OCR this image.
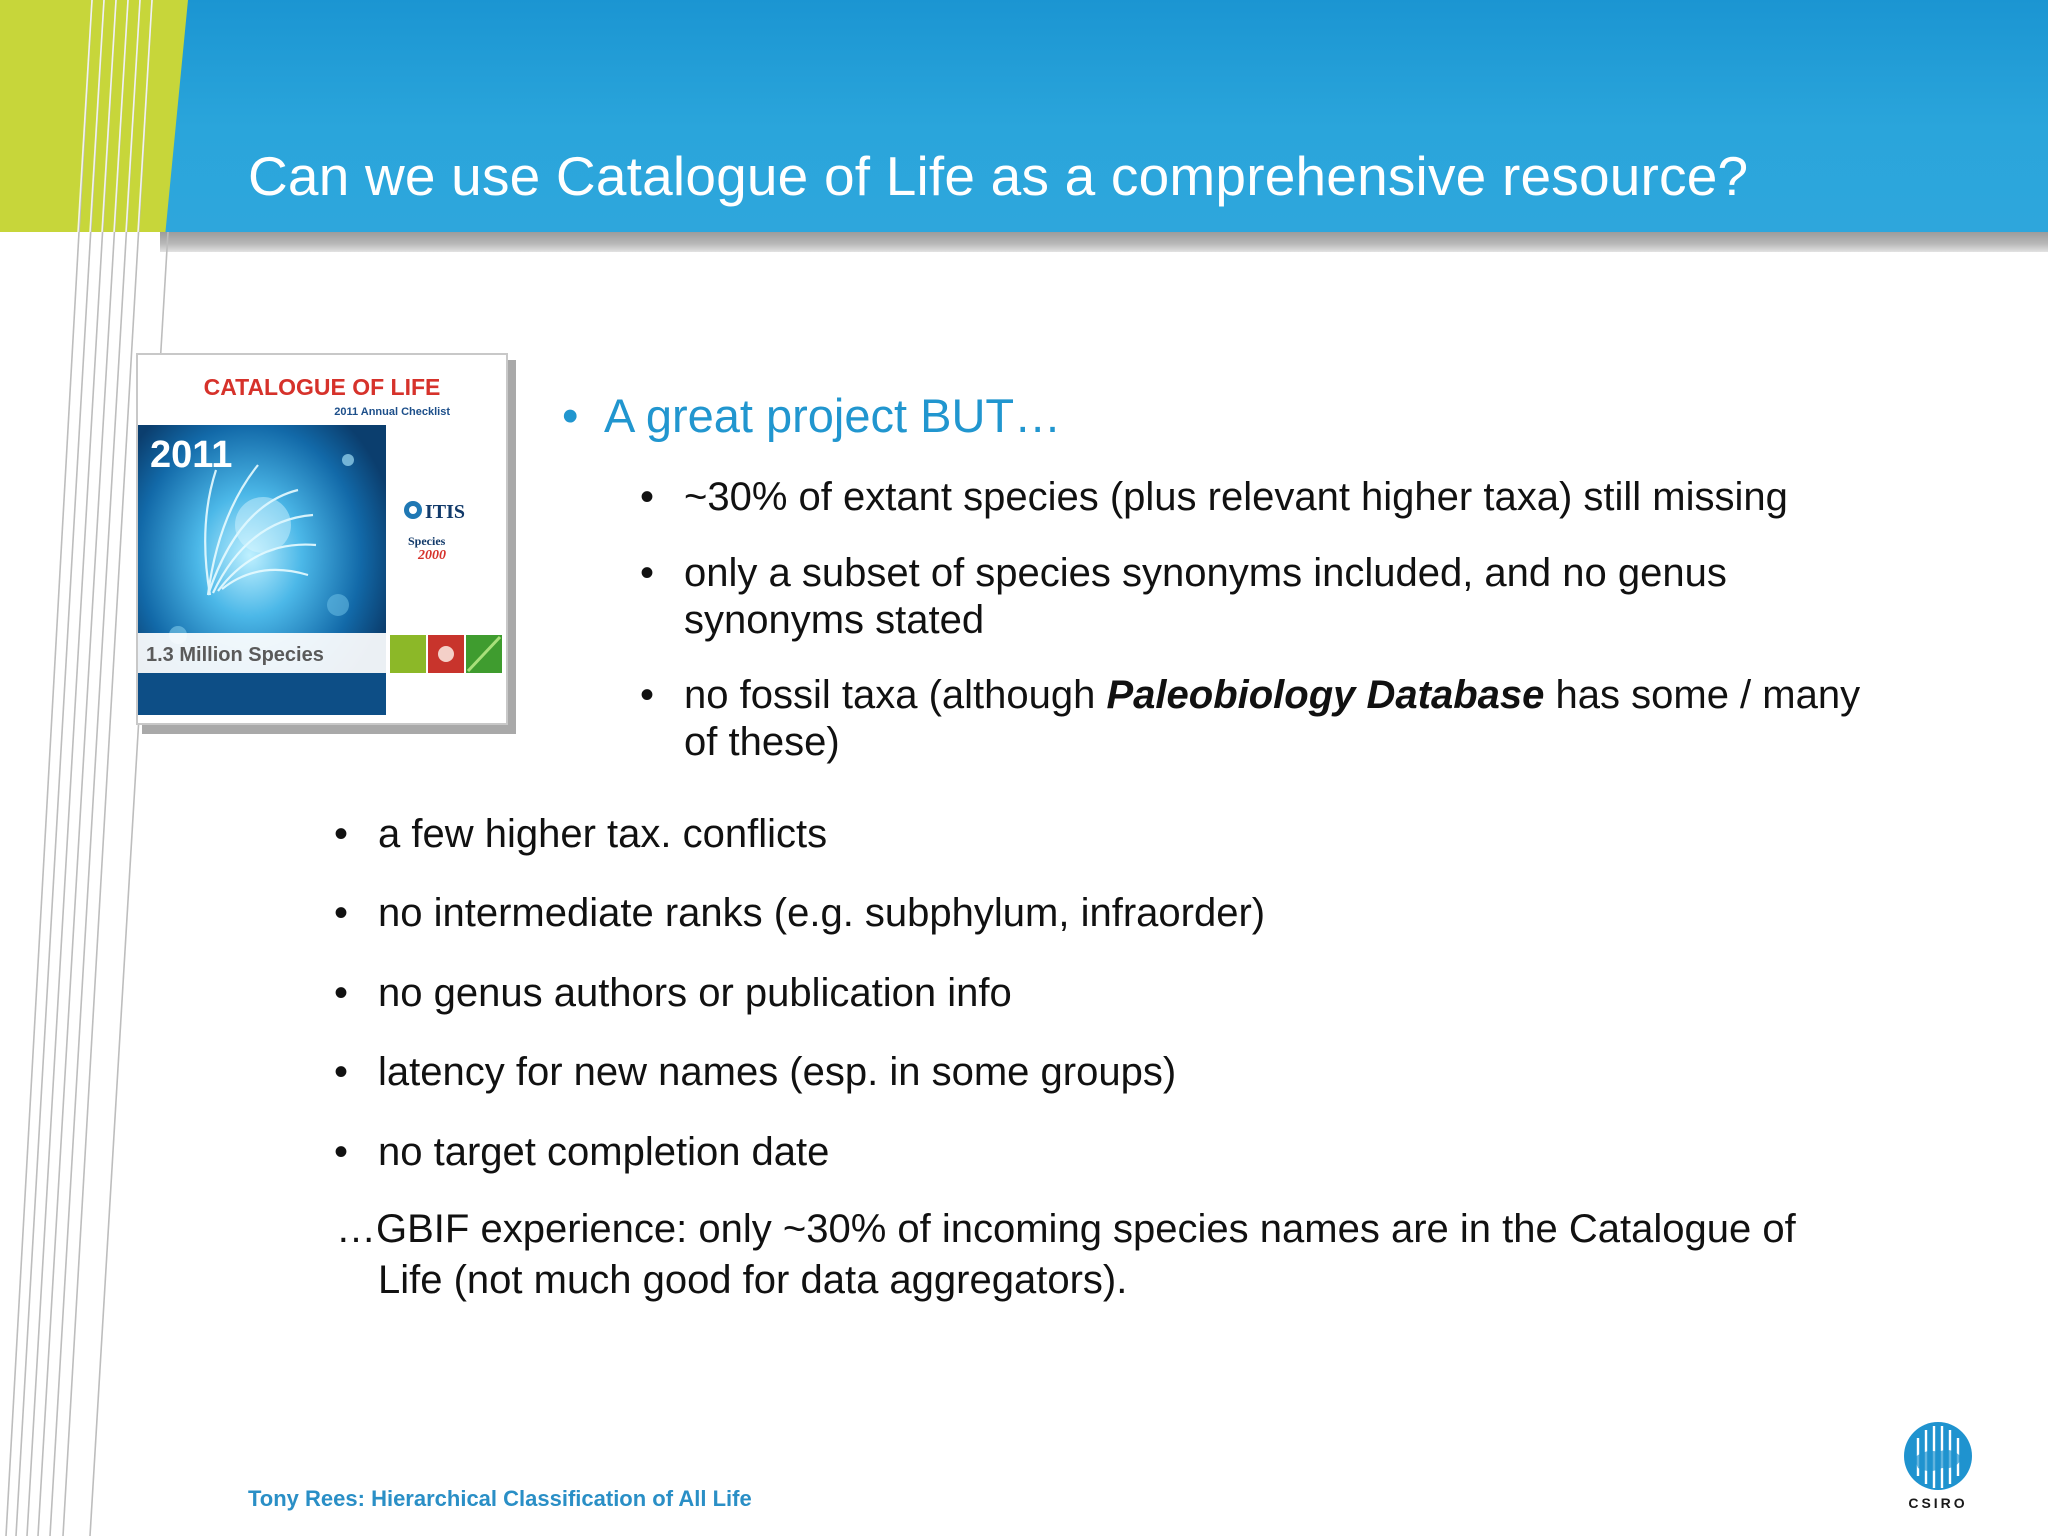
Can we use Catalogue of Life as a comprehensive resource?
CATALOGUE OF LIFE
2011 Annual Checklist
2011
ITIS
Species
2000
1.3 Million Species

• A great project BUT…

• ~30% of extant species (plus relevant higher taxa) still missing
• only a subset of species synonyms included, and no genus synonyms stated
• no fossil taxa (although Paleobiology Database has some / many of these)
• a few higher tax. conflicts
• no intermediate ranks (e.g. subphylum, infraorder)
• no genus authors or publication info
• latency for new names (esp. in some groups)
• no target completion date

…GBIF experience: only ~30% of incoming species names are in the Catalogue of
Life (not much good for data aggregators).

Tony Rees: Hierarchical Classification of All Life	CSIRO
